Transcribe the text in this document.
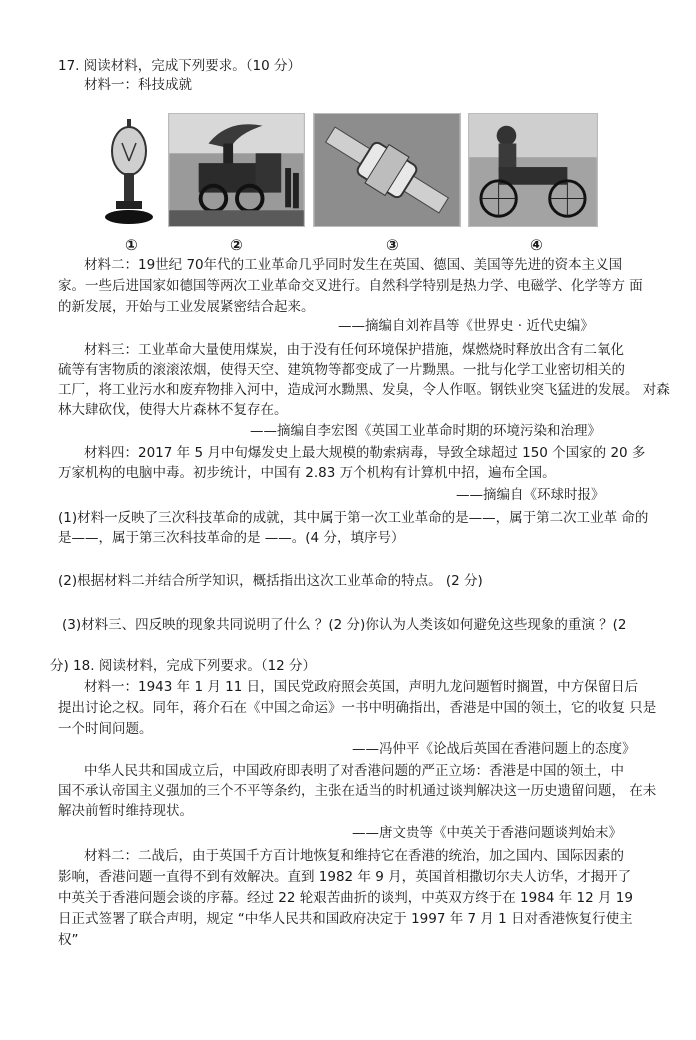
17. 阅读材料，完成下列要求。（10 分）
材料一：科技成就
①	②	③	④
材料二：19世纪 70年代的工业革命几乎同时发生在英国、德国、美国等先进的资本主义国
家。一些后进国家如德国等两次工业革命交叉进行。自然科学特别是热力学、电磁学、化学等方 面
的新发展，开始与工业发展紧密结合起来。
——摘编自刘祚昌等《世界史 · 近代史编》
材料三：工业革命大量使用煤炭，由于没有任何环境保护措施，煤燃烧时释放出含有二氧化
硫等有害物质的滚滚浓烟，使得天空、建筑物等都变成了一片黝黑。一批与化学工业密切相关的
工厂，将工业污水和废弃物排入河中，造成河水黝黑、发臭，令人作呕。钢铁业突飞猛进的发展。 对森
林大肆砍伐，使得大片森林不复存在。
——摘编自李宏图《英国工业革命时期的环境污染和治理》
材料四：2017 年 5 月中旬爆发史上最大规模的勒索病毒，导致全球超过 150 个国家的 20 多
万家机构的电脑中毒。初步统计，中国有 2.83 万个机构有计算机中招，遍布全国。
——摘编自《环球时报》
(1)材料一反映了三次科技革命的成就，其中属于第一次工业革命的是——，属于第二次工业革 命的
是——，属于第三次科技革命的是 ——。(4 分，填序号）
(2)根据材料二并结合所学知识，概括指出这次工业革命的特点。 (2 分)
(3)材料三、四反映的现象共同说明了什么 ？(2 分)你认为人类该如何避免这些现象的重演 ？(2
分) 18. 阅读材料，完成下列要求。（12 分）
材料一：1943 年 1 月 11 日，国民党政府照会英国，声明九龙问题暂时搁置，中方保留日后
提出讨论之权。同年，蒋介石在《中国之命运》一书中明确指出，香港是中国的领土，它的收复 只是
一个时间问题。
——冯仲平《论战后英国在香港问题上的态度》
中华人民共和国成立后，中国政府即表明了对香港问题的严正立场：香港是中国的领土，中
国不承认帝国主义强加的三个不平等条约，主张在适当的时机通过谈判解决这一历史遗留问题， 在未
解决前暂时维持现状。
——唐文贵等《中英关于香港问题谈判始末》
材料二：二战后，由于英国千方百计地恢复和维持它在香港的统治，加之国内、国际因素的
影响，香港问题一直得不到有效解决。直到 1982 年 9 月，英国首相撒切尔夫人访华，才揭开了
中英关于香港问题会谈的序幕。经过 22 轮艰苦曲折的谈判，中英双方终于在 1984 年 12 月 19
日正式签署了联合声明，规定 “中华人民共和国政府决定于 1997 年 7 月 1 日对香港恢复行使主
权”
